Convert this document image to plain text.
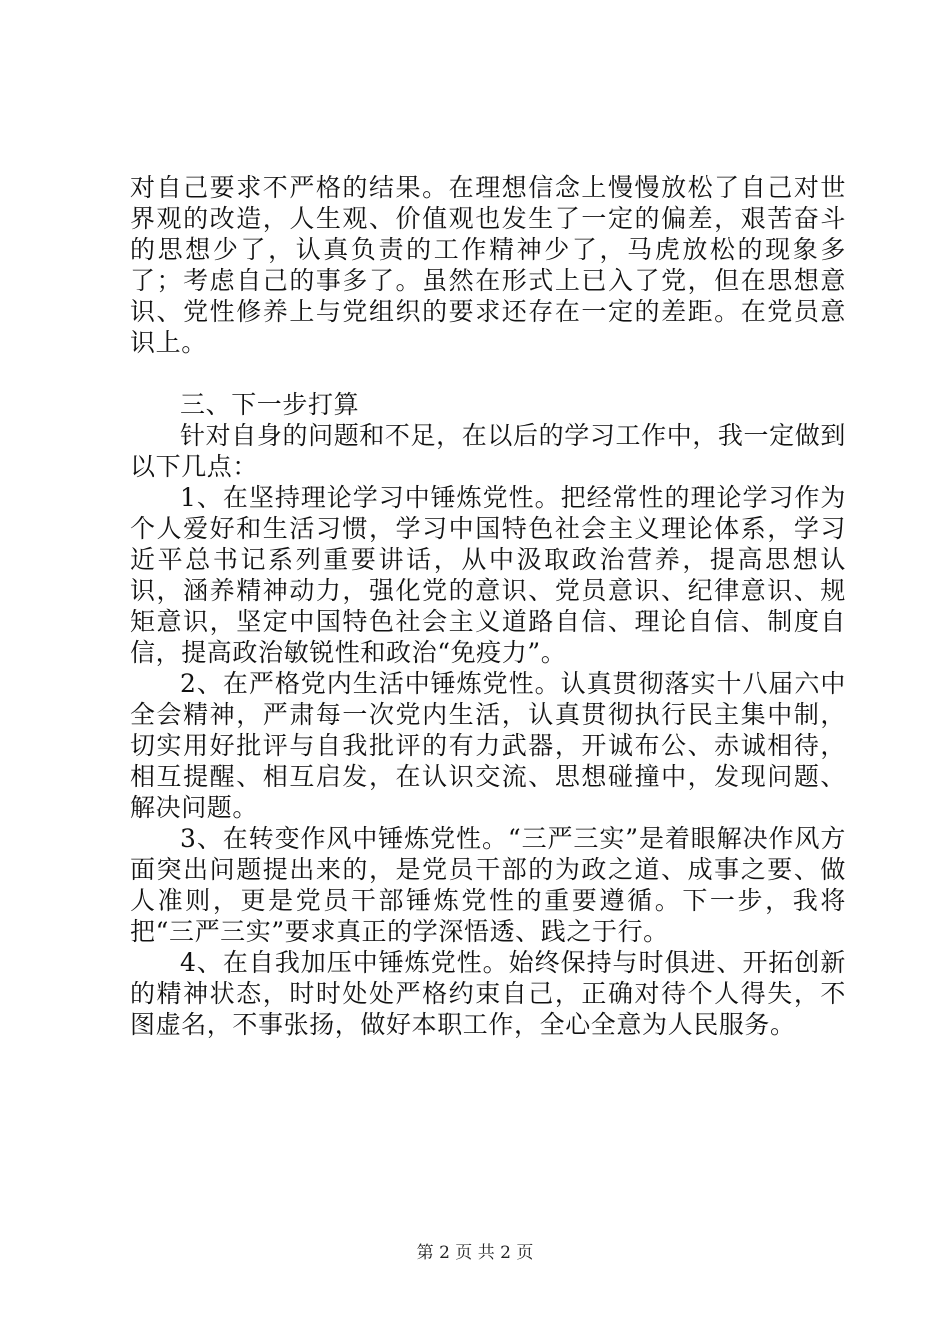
对自己要求不严格的结果。在理想信念上慢慢放松了自己对世界观的改造，人生观、价值观也发生了一定的偏差，艰苦奋斗的思想少了，认真负责的工作精神少了，马虎放松的现象多了；考虑自己的事多了。虽然在形式上已入了党，但在思想意识、党性修养上与党组织的要求还存在一定的差距。在党员意识上。

三、下一步打算

针对自身的问题和不足，在以后的学习工作中，我一定做到以下几点：

1、在坚持理论学习中锤炼党性。把经常性的理论学习作为个人爱好和生活习惯，学习中国特色社会主义理论体系，学习近平总书记系列重要讲话，从中汲取政治营养，提高思想认识，涵养精神动力，强化党的意识、党员意识、纪律意识、规矩意识，坚定中国特色社会主义道路自信、理论自信、制度自信，提高政治敏锐性和政治“免疫力”。

2、在严格党内生活中锤炼党性。认真贯彻落实十八届六中全会精神，严肃每一次党内生活，认真贯彻执行民主集中制，切实用好批评与自我批评的有力武器，开诚布公、赤诚相待，相互提醒、相互启发，在认识交流、思想碰撞中，发现问题、解决问题。

3、在转变作风中锤炼党性。“三严三实”是着眼解决作风方面突出问题提出来的，是党员干部的为政之道、成事之要、做人准则，更是党员干部锤炼党性的重要遵循。下一步，我将把“三严三实”要求真正的学深悟透、践之于行。

4、在自我加压中锤炼党性。始终保持与时俱进、开拓创新的精神状态，时时处处严格约束自己，正确对待个人得失，不图虚名，不事张扬，做好本职工作，全心全意为人民服务。

第 2 页 共 2 页
